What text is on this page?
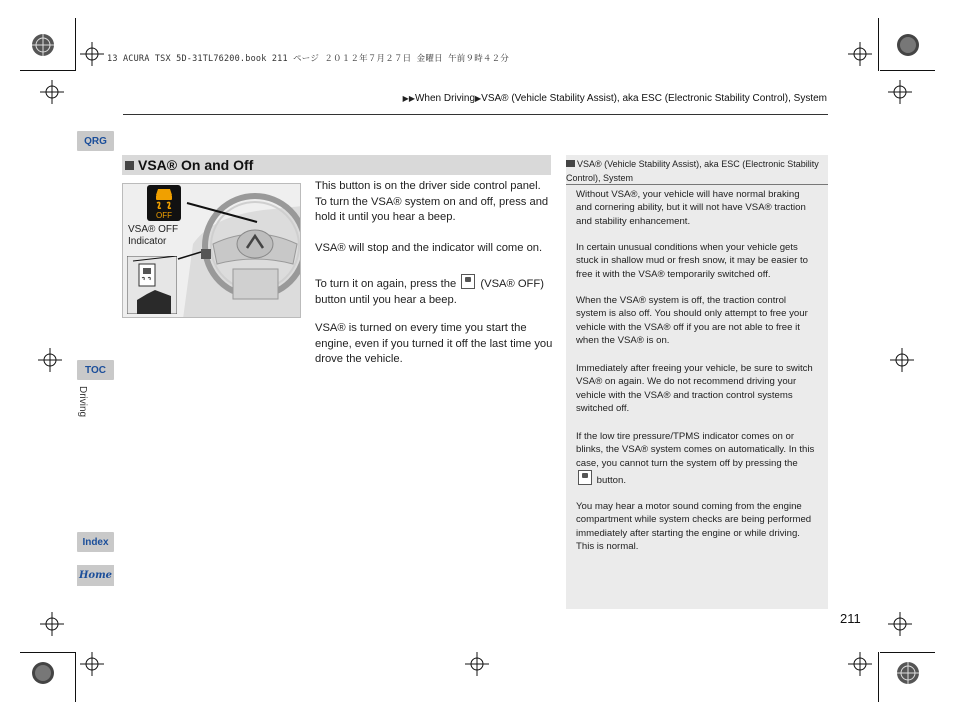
13 ACURA TSX 5D-31TL76200.book 211 ページ ２０１２年７月２７日 金曜日 午前９時４２分
▶▶When Driving▶VSA® (Vehicle Stability Assist), aka ESC (Electronic Stability Control), System
QRG
TOC
Driving
Index
Home
VSA® On and Off
OFF
VSA® OFF
Indicator
This button is on the driver side control panel. To turn the VSA® system on and off, press and hold it until you hear a beep.
VSA® will stop and the indicator will come on.
To turn it on again, press the (VSA® OFF) button until you hear a beep.
VSA® is turned on every time you start the engine, even if you turned it off the last time you drove the vehicle.
VSA® (Vehicle Stability Assist), aka ESC (Electronic Stability Control), System
Without VSA®, your vehicle will have normal braking and cornering ability, but it will not have VSA® traction and stability enhancement.
In certain unusual conditions when your vehicle gets stuck in shallow mud or fresh snow, it may be easier to free it with the VSA® temporarily switched off.
When the VSA® system is off, the traction control system is also off. You should only attempt to free your vehicle with the VSA® off if you are not able to free it when the VSA® is on.
Immediately after freeing your vehicle, be sure to switch VSA® on again. We do not recommend driving your vehicle with the VSA® and traction control systems switched off.
If the low tire pressure/TPMS indicator comes on or blinks, the VSA® system comes on automatically. In this case, you cannot turn the system off by pressing the  button.
You may hear a motor sound coming from the engine compartment while system checks are being performed immediately after starting the engine or while driving. This is normal.
211
